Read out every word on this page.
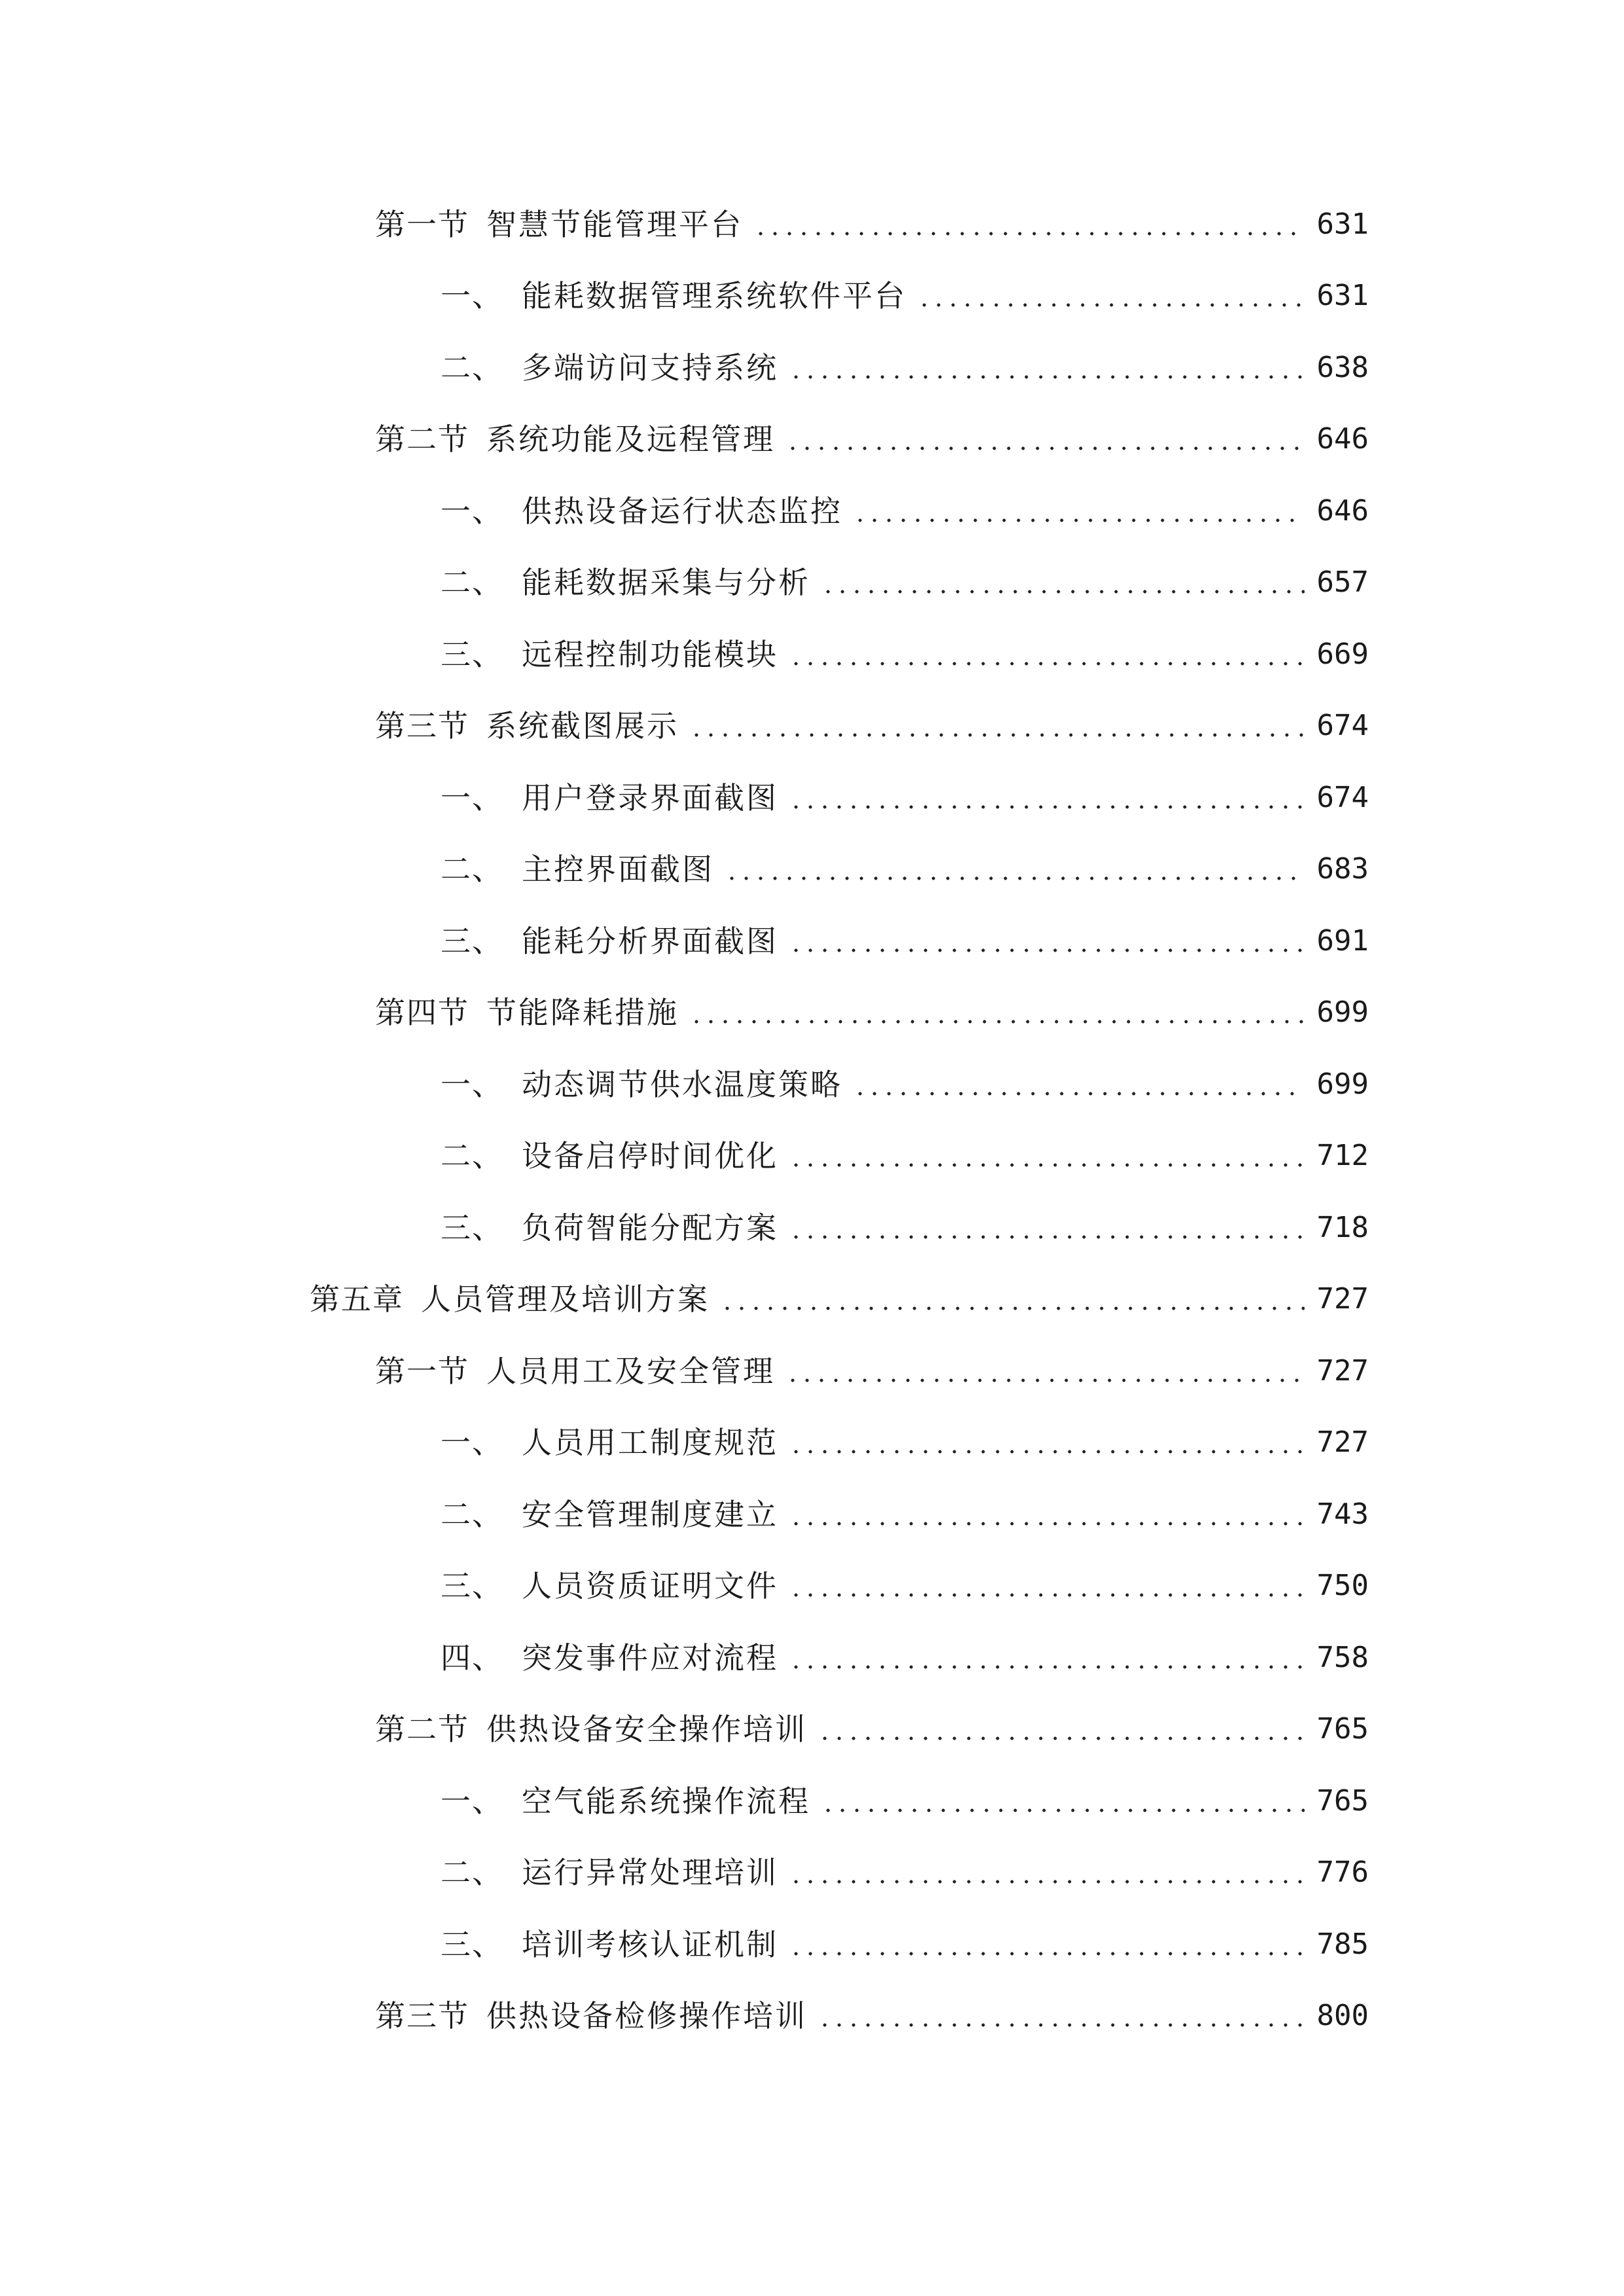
第一节 智慧节能管理平台	631
一、 能耗数据管理系统软件平台	631
二、 多端访问支持系统	638
第二节 系统功能及远程管理	646
一、 供热设备运行状态监控	646
二、 能耗数据采集与分析	657
三、 远程控制功能模块	669
第三节 系统截图展示	674
一、 用户登录界面截图	674
二、 主控界面截图	683
三、 能耗分析界面截图	691
第四节 节能降耗措施	699
一、 动态调节供水温度策略	699
二、 设备启停时间优化	712
三、 负荷智能分配方案	718
第五章 人员管理及培训方案	727
第一节 人员用工及安全管理	727
一、 人员用工制度规范	727
二、 安全管理制度建立	743
三、 人员资质证明文件	750
四、 突发事件应对流程	758
第二节 供热设备安全操作培训	765
一、 空气能系统操作流程	765
二、 运行异常处理培训	776
三、 培训考核认证机制	785
第三节 供热设备检修操作培训	800
